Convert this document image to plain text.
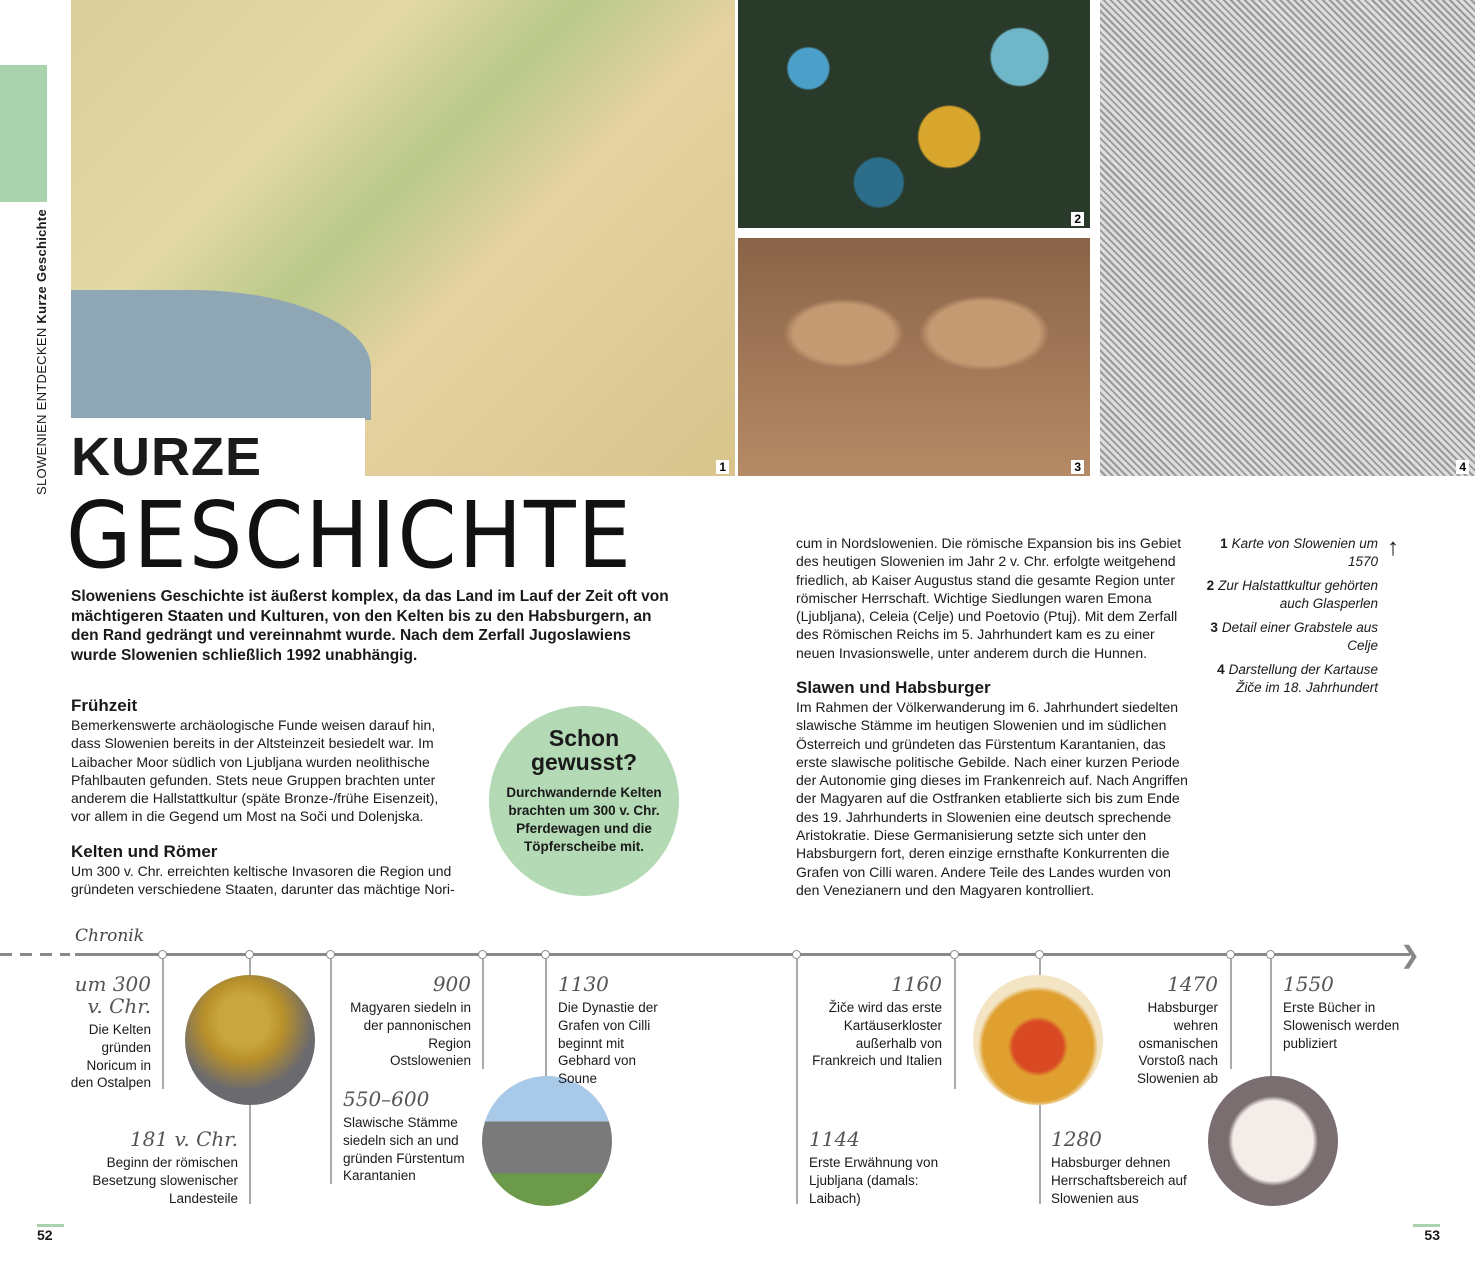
SLOWENIEN ENTDECKEN Kurze Geschichte
1
2
3	4
KURZE
GESCHICHTE
Sloweniens Geschichte ist äußerst komplex, da das Land im Lauf der Zeit oft von mächtigeren Staaten und Kulturen, von den Kelten bis zu den Habsburgern, an den Rand gedrängt und vereinnahmt wurde. Nach dem Zerfall Jugoslawiens wurde Slowenien schließlich 1992 unabhängig.
Frühzeit

Bemerkenswerte archäologische Funde weisen darauf hin, dass Slowenien bereits in der Altsteinzeit besiedelt war. Im Laibacher Moor südlich von Ljubljana wurden neolithische Pfahlbauten gefunden. Stets neue Gruppen brachten unter anderem die Hallstattkultur (späte Bronze-/frühe Eisenzeit), vor allem in die Gegend um Most na Soči und Dolenjska.

Kelten und Römer

Um 300 v. Chr. erreichten keltische Invasoren die Region und gründeten verschiedene Staaten, darunter das mächtige Nori-

Schon gewusst?
Durchwandernde Kelten brachten um 300 v. Chr. Pferdewagen und die Töpferscheibe mit.

cum in Nordslowenien. Die römische Expansion bis ins Gebiet des heutigen Slowenien im Jahr 2 v. Chr. erfolgte weitgehend friedlich, ab Kaiser Augustus stand die gesamte Region unter römischer Herrschaft. Wichtige Siedlungen waren Emona (Ljubljana), Celeia (Celje) und Poetovio (Ptuj). Mit dem Zerfall des Römischen Reichs im 5. Jahrhundert kam es zu einer neuen Invasionswelle, unter anderem durch die Hunnen.

Slawen und Habsburger

Im Rahmen der Völkerwanderung im 6. Jahrhundert siedelten slawische Stämme im heutigen Slowenien und im südlichen Österreich und gründeten das Fürstentum Karantanien, das erste slawische politische Gebilde. Nach einer kurzen Periode der Autonomie ging dieses im Frankenreich auf. Nach Angriffen der Magyaren auf die Ostfranken etablierte sich bis zum Ende des 19. Jahrhunderts in Slowenien eine deutsch sprechende Aristokratie. Diese Germanisierung setzte sich unter den Habsburgern fort, deren einzige ernsthafte Konkurrenten die Grafen von Cilli waren. Andere Teile des Landes wurden von den Venezianern und den Magyaren kontrolliert.

1 Karte von Slowenien um 1570
2 Zur Halstattkultur gehörten auch Glasperlen
3 Detail einer Grabstele aus Celje
4 Darstellung der Kartause Žiče im 18. Jahrhundert
↑
Chronik
❯
um 300 v. Chr.
Die Kelten gründen Noricum in den Ostalpen
181 v. Chr.
Beginn der römischen Besetzung slowenischer Landesteile
900
Magyaren siedeln in der pannonischen Region Ostslowenien
550–600
Slawische Stämme siedeln sich an und gründen Fürstentum Karantanien
1130
Die Dynastie der Grafen von Cilli beginnt mit Gebhard von Soune
1160
Žiče wird das erste Kartäuserkloster außerhalb von Frankreich und Italien
1144
Erste Erwähnung von Ljubljana (damals: Laibach)
1470
Habsburger wehren osmanischen Vorstoß nach Slowenien ab
1280
Habsburger dehnen Herrschaftsbereich auf Slowenien aus
1550
Erste Bücher in Slowenisch werden publiziert
52	53
